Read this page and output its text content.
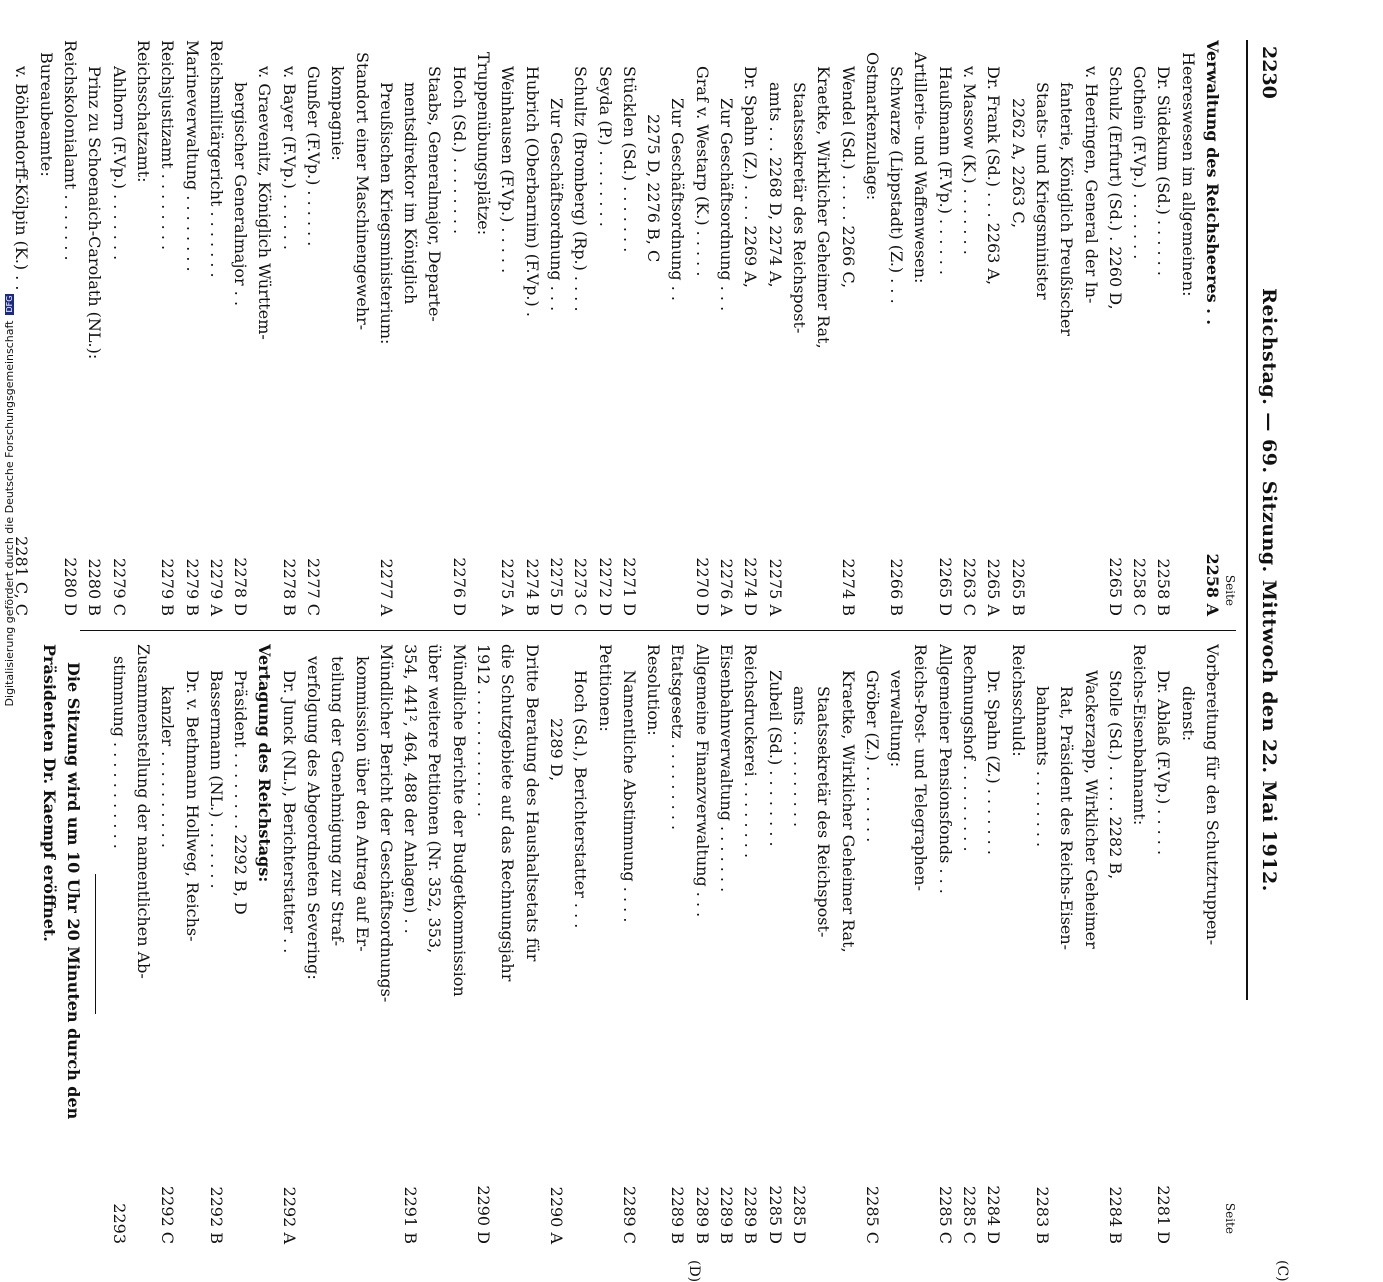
2230
Reichstag. — 69. Sitzung. Mittwoch den 22. Mai 1912.
Seite
Verwaltung des Reichsheeres . .
2258 A
Heereswesen im allgemeinen:
Dr. Südekum (Sd.) . . . . . .
2258 B
Gothein (F.Vp.) . . . . . . .
2258 C
Schulz (Erfurt) (Sd.) . 2260 D,
2265 D
v. Heeringen, General der In-
fanterie, Königlich Preußischer
Staats- und Kriegsminister
2262 A, 2263 C,
2265 B
Dr. Frank (Sd.) . . . 2263 A,
2265 A
v. Massow (K.) . . . . . . .
2263 C
Haußmann (F.Vp.) . . . . . .
2265 D
Artillerie- und Waffenwesen:
Schwarze (Lippstadt) (Z.) . . .
2266 B
Ostmarkenzulage:
Wendel (Sd.) . . . . . 2266 C,
2274 B
Kraetke, Wirklicher Geheimer Rat,
Staatssekretär des Reichspost-
amts . . . 2268 D, 2274 A,
2275 A
Dr. Spahn (Z.) . . . . 2269 A,
2274 D
Zur Geschäftsordnung . . .
2276 A
Graf v. Westarp (K.) . . . . .
2270 D
Zur Geschäftsordnung . .
2275 D, 2276 B, C
Stücklen (Sd.) . . . . . . .
2271 D
Seyda (P.) . . . . . . . .
2272 D
Schultz (Bromberg) (Rp.) . . . .
2273 C
Zur Geschäftsordnung . . .
2275 D
Hubrich (Oberbarnim) (F.Vp.) .
2274 B
Weinhausen (F.Vp.) . . . . .
2275 A
Truppenübungsplätze:
Hoch (Sd.) . . . . . . . .
2276 D
Staabs, Generalmajor, Departe-
mentsdirektor im Königlich
Preußischen Kriegsministerium:
2277 A
Standort einer Maschinengewehr-
kompagnie:
Gunßer (F.Vp.) . . . . . .
2277 C
v. Bayer (F.Vp.) . . . . . .
2278 B
v. Graevenitz, Königlich Württem-
bergischer Generalmajor . .
2278 D
Reichsmilitärgericht . . . . . . .
2279 A
Marineverwaltung . . . . . . . .
2279 B
Reichsjustizamt . . . . . . . .
2279 B
Reichsschatzamt:
Ahlhorn (F.Vp.) . . . . . . .
2279 C
Prinz zu Schoenaich-Carolath (NL.):
2280 B
Reichskolonialamt . . . . . . .
2280 D
Bureaubeamte:
v. Böhlendorff-Kölpin (K.) . .
2281 C, C
Seite
Vorbereitung für den Schutztruppen-
dienst:
Dr. Ablaß (F.Vp.) . . . . .
2281 D
Reichs-Eisenbahnamt:
Stolle (Sd.) . . . . . 2282 B,
2284 B
Wackerzapp, Wirklicher Geheimer
Rat, Präsident des Reichs-Eisen-
bahnamts . . . . . . . .
2283 B
Reichsschuld:
Dr. Spahn (Z.) . . . . . . .
2284 D
Rechnungshof . . . . . . . . .
2285 C
Allgemeiner Pensionsfonds . . .
2285 C
Reichs-Post- und Telegraphen-
verwaltung:
Gröber (Z.) . . . . . . . .
2285 C
Kraetke, Wirklicher Geheimer Rat,
Staatssekretär des Reichspost-
amts . . . . . . . . . .
2285 D
Zubeil (Sd.) . . . . . . . .
2285 D
Reichsdruckerei . . . . . . . .
2289 B
Eisenbahnverwaltung . . . . . . .
2289 B
Allgemeine Finanzverwaltung . . .
2289 B
Etatsgesetz . . . . . . . . .
2289 B
Resolution:
Namentliche Abstimmung . . . .
2289 C
Petitionen:
Hoch (Sd.), Berichterstatter . . .
2289 D,
2290 A
Dritte Beratung des Haushaltsetats für
die Schutzgebiete auf das Rechnungsjahr
1912 . . . . . . . . . . . . .
2290 D
Mündliche Berichte der Budgetkommission
über weitere Petitionen (Nr. 352, 353,
354, 441², 464, 488 der Anlagen) . .
2291 B
Mündlicher Bericht der Geschäftsordnungs-
kommission über den Antrag auf Er-
teilung der Genehmigung zur Straf-
verfolgung des Abgeordneten Severing:
Dr. Junck (NL.), Berichterstatter . .
2292 A
Vertagung des Reichstags:
Präsident . . . . . . . . 2292 B, D
Bassermann (NL.) . . . . . . .
2292 B
Dr. v. Bethmann Hollweg, Reichs-
kanzler . . . . . . . . . .
2292 C
Zusammenstellung der namentlichen Ab-
stimmung . . . . . . . . . . .
2293
Die Sitzung wird um 10 Uhr 20 Minuten durch den
Präsidenten Dr. Kaempf eröffnet.
(C)
(D)
Digitalisierung gefördert durch die Deutsche Forschungsgemeinschaft
DFG
